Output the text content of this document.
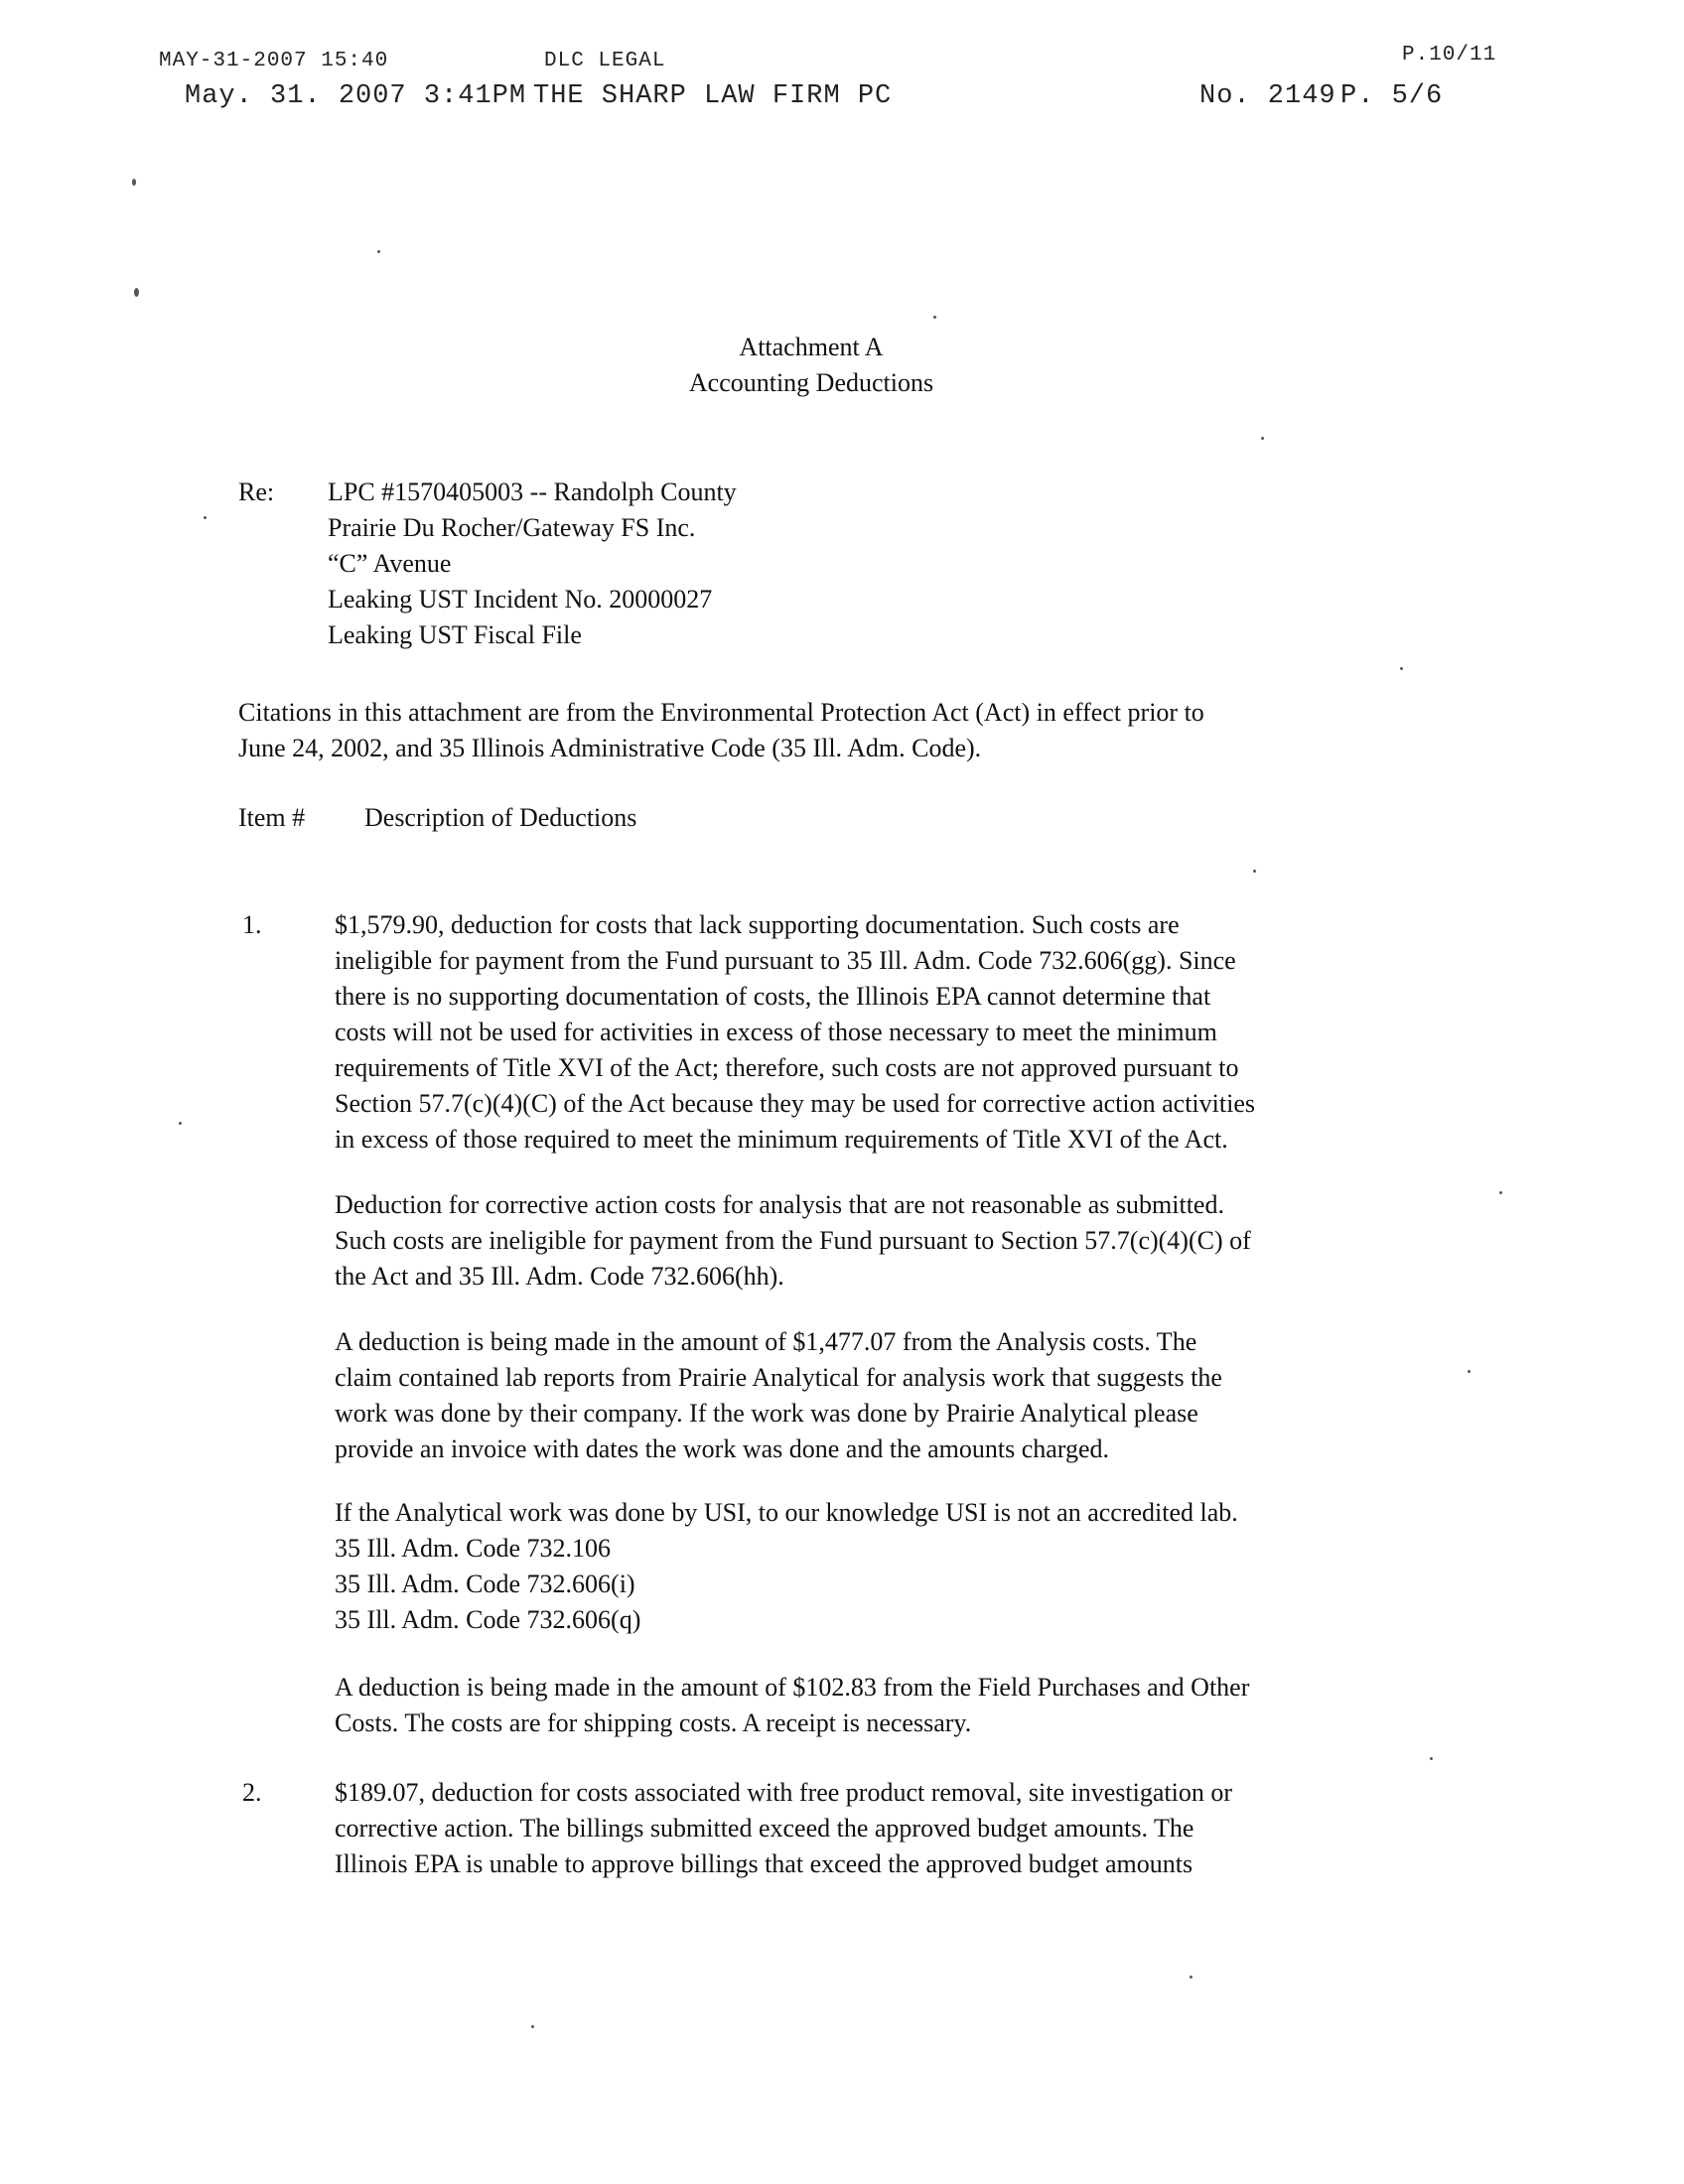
MAY-31-2007 15:40	DLC LEGAL	P.10/11
May. 31. 2007 3:41PM THE SHARP LAW FIRM PC	No. 2149 P. 5/6
Attachment A
Accounting Deductions
Re: LPC #1570405003 -- Randolph County
Prairie Du Rocher/Gateway FS Inc.
“C” Avenue
Leaking UST Incident No. 20000027
Leaking UST Fiscal File
Citations in this attachment are from the Environmental Protection Act (Act) in effect prior to
June 24, 2002, and 35 Illinois Administrative Code (35 Ill. Adm. Code).
Item # Description of Deductions
1.	$1,579.90, deduction for costs that lack supporting documentation. Such costs are
ineligible for payment from the Fund pursuant to 35 Ill. Adm. Code 732.606(gg). Since
there is no supporting documentation of costs, the Illinois EPA cannot determine that
costs will not be used for activities in excess of those necessary to meet the minimum
requirements of Title XVI of the Act; therefore, such costs are not approved pursuant to
Section 57.7(c)(4)(C) of the Act because they may be used for corrective action activities
in excess of those required to meet the minimum requirements of Title XVI of the Act.

Deduction for corrective action costs for analysis that are not reasonable as submitted.
Such costs are ineligible for payment from the Fund pursuant to Section 57.7(c)(4)(C) of
the Act and 35 Ill. Adm. Code 732.606(hh).

A deduction is being made in the amount of $1,477.07 from the Analysis costs. The
claim contained lab reports from Prairie Analytical for analysis work that suggests the
work was done by their company. If the work was done by Prairie Analytical please
provide an invoice with dates the work was done and the amounts charged.

If the Analytical work was done by USI, to our knowledge USI is not an accredited lab.
35 Ill. Adm. Code 732.106
35 Ill. Adm. Code 732.606(i)
35 Ill. Adm. Code 732.606(q)

A deduction is being made in the amount of $102.83 from the Field Purchases and Other
Costs. The costs are for shipping costs. A receipt is necessary.

2.	$189.07, deduction for costs associated with free product removal, site investigation or
corrective action. The billings submitted exceed the approved budget amounts. The
Illinois EPA is unable to approve billings that exceed the approved budget amounts
